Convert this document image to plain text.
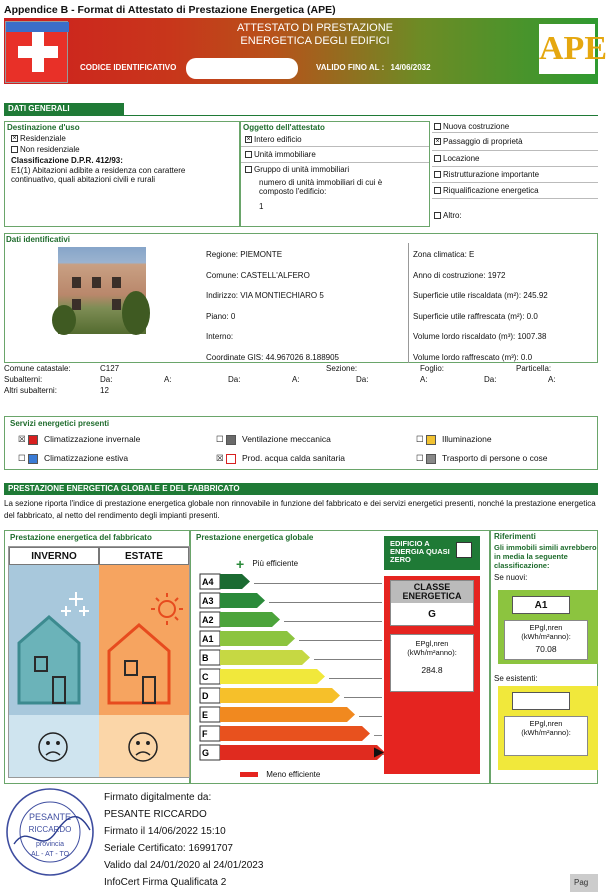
Appendice B - Format di Attestato di Prestazione Energetica (APE)
ATTESTATO DI PRESTAZIONE
ENERGETICA DEGLI EDIFICI
CODICE IDENTIFICATIVO	VALIDO FINO AL : 14/06/2032
APE
DATI GENERALI
Destinazione d'uso
× Residenziale
Non residenziale
Classificazione D.P.R. 412/93:
E1(1) Abitazioni adibite a residenza con carattere continuativo, quali abitazioni civili e rurali
Oggetto dell'attestato
× Intero edificio
Unità immobiliare
Gruppo di unità immobiliari
numero di unità immobiliari di cui è composto l'edificio:
1
Nuova costruzione
× Passaggio di proprietà
Locazione
Ristrutturazione importante
Riqualificazione energetica
Altro:
Dati identificativi
Regione: PIEMONTE
Comune: CASTELL'ALFERO
Indirizzo: VIA MONTIECHIARO 5
Piano: 0
Interno:
Coordinate GIS: 44.967026 8.188905
Zona climatica: E
Anno di costruzione: 1972
Superficie utile riscaldata (m²): 245.92
Superficie utile raffrescata (m²): 0.0
Volume lordo riscaldato (m³): 1007.38
Volume lordo raffrescato (m³): 0.0
Comune catastale:	C127	Sezione:	Foglio:	Particella:
Subalterni:	Da:	A:	Da:	A:	Da:	A:	Da:	A:
Altri subalterni:	12
Servizi energetici presenti
☒ Climatizzazione invernale	☐ Ventilazione meccanica	☐ Illuminazione
☐ Climatizzazione estiva	☒ Prod. acqua calda sanitaria	☐ Trasporto di persone o cose
PRESTAZIONE ENERGETICA GLOBALE E DEL FABBRICATO
La sezione riporta l'indice di prestazione energetica globale non rinnovabile in funzione del fabbricato e dei servizi energetici presenti, nonché la prestazione energetica del fabbricato, al netto del rendimento degli impianti presenti.
Prestazione energetica del fabbricato
INVERNO	ESTATE
Prestazione energetica globale
+ Più efficiente
A4
A3
A2
A1
B
C
D
E
F
G
Meno efficiente
EDIFICIO A ENERGIA QUASI ZERO
CLASSE ENERGETICA
G
EPgl,nren (kWh/m²anno):
284.8
Riferimenti
Gli immobili simili avrebbero in media la seguente classificazione:
Se nuovi:
A1
EPgl,nren (kWh/m²anno):
70.08
Se esistenti:
EPgl,nren (kWh/m²anno):
PESANTE
RICCARDO
provincia
AL - AT - TO
Firmato digitalmente da:
PESANTE RICCARDO
Firmato il 14/06/2022 15:10
Seriale Certificato: 16991707
Valido dal 24/01/2020 al 24/01/2023
InfoCert Firma Qualificata 2	Pag
